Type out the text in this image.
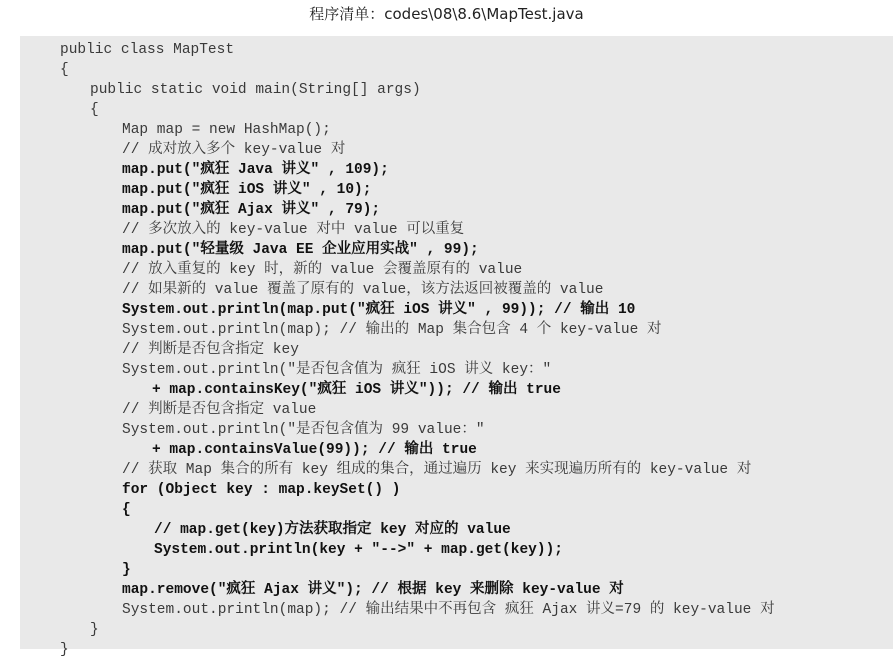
程序清单：codes\08\8.6\MapTest.java
public class MapTest
{
public static void main(String[] args)
{
Map map = new HashMap();
// 成对放入多个 key-value 对
map.put("疯狂 Java 讲义" , 109);
map.put("疯狂 iOS 讲义" , 10);
map.put("疯狂 Ajax 讲义" , 79);
// 多次放入的 key-value 对中 value 可以重复
map.put("轻量级 Java EE 企业应用实战" , 99);
// 放入重复的 key 时，新的 value 会覆盖原有的 value
// 如果新的 value 覆盖了原有的 value，该方法返回被覆盖的 value
System.out.println(map.put("疯狂 iOS 讲义" , 99)); // 输出 10
System.out.println(map); // 输出的 Map 集合包含 4 个 key-value 对
// 判断是否包含指定 key
System.out.println("是否包含值为 疯狂 iOS 讲义 key："
+ map.containsKey("疯狂 iOS 讲义")); // 输出 true
// 判断是否包含指定 value
System.out.println("是否包含值为 99 value："
+ map.containsValue(99)); // 输出 true
// 获取 Map 集合的所有 key 组成的集合，通过遍历 key 来实现遍历所有的 key-value 对
for (Object key : map.keySet() )
{
// map.get(key)方法获取指定 key 对应的 value
System.out.println(key + "-->" + map.get(key));
}
map.remove("疯狂 Ajax 讲义"); // 根据 key 来删除 key-value 对
System.out.println(map); // 输出结果中不再包含 疯狂 Ajax 讲义=79 的 key-value 对
}
}
